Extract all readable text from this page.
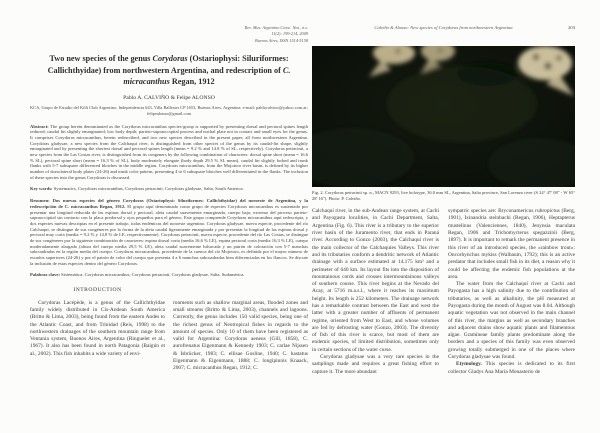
Rev. Mus. Argentino Cienc. Nat., n.s.

11(2): 199-214, 2009

Buenos Aires, ISSN 1514-5158

Two new species of the genus Corydoras (Ostariophysi: Siluriformes: Callichthyidae) from northwestern Argentina, and redescription of C. micracanthus Regan, 1912

Pablo A. CALVIÑO & Felipe ALONSO

KCA, Grupo de Estudio del Killi Club Argentino, Independencia 643, Villa Ballester CP 1653, Buenos Aires, Argentina. e-mail: pablocalvino@yahoo.com.ar; felipealonso@gmail.com

Abstract: The group herein denominated as the Corydoras micracanthus species-group is supported by presenting dorsal and pectoral spines length reduced; caudal fin slightly emarginated; low body depth; parieto-supraoccipital process and nuchal plate not in contact and small eyes for the genus. It comprises Corydoras micracanthus, herein redescribed, and two new species described in the present paper, all from northwestern Argentina. Corydoras gladysae, a new species from the Calchaquí river, is distinguished from other species of the genus by its caudal-fin shape, slightly emarginated and by presenting the shortest dorsal and pectoral spines length (mean = 9.2 % and 14.8 % of SL, respectively). Corydoras petracinii, a new species from the Las Costas river, is distinguished from its congeners by the following combination of characters: dorsal spine short (mean = 16.6 % SL), pectoral spine short (mean = 16.3 % of SL), body moderately elongate (body depth 29.5 % SL mean), caudal fin slightly forked and trunk flanks with 5-7 subsquare differenced blotches in the middle region. Corydoras micracanthus, from the Mojotoro river basin, is defined by its higher number of dorsolateral body plates (24-26) and trunk color pattern, presenting 4 to 6 subsquare blotches well differentiated in the flanks. The inclusion of these species into the genus Corydoras is discussed.

Key words: Systematics, Corydoras micracanthus, Corydoras petracinii, Corydoras gladysae, Salta, South America.

Resumen: Dos nuevas especies del género Corydoras (Ostariophysi: Siluriformes: Callichthyidae) del noroeste de Argentina, y la redescripción de C. micracanthus Regan, 1912. El grupo aquí denominado como grupo de especies Corydoras micracanthus es sustentado por presentar una longitud reducida de las espinas dorsal y pectoral, aleta caudal suavemente emarginada, cuerpo bajo, extremo del proceso parieto-supraoccipital sin contacto con la placa predorsal y ojos pequeños para el género. Este grupo comprende Corydoras micracanthus aquí redescripta, y dos especies nuevas descriptas en el presente trabajo, todas endémicas del noroeste argentino. Corydoras gladysae, nueva especie, procedente del río Calchaquí, se distingue de sus congéneres por la forma de la aleta caudal ligeramente emarginada y por presentar la longitud de las espinas dorsal y pectoral muy corta (media = 9,2 % y 14,8 % de LE, respectivamente). Corydoras petracinii, nueva especie, procedente del río Las Costas, se distingue de sus congéneres por la siguiente combinación de caracteres: espina dorsal corta (media 16,6 % LE), espina pectoral corta (media 16,3 % LE), cuerpo moderadamente alargado (altura del cuerpo media 29,5 % LE), aleta caudal suavemente bifurcada y un patrón de coloración con 5-7 manchas subcuadradas en la región media del cuerpo. Corydoras micracanthus, procedente de la cuenca del río Mojotoro, es definida por el mayor número de escudos superiores (24-26) y por el patrón de color del cuerpo que presenta 4 a 6 manchas subcuadradas bien diferenciadas en los flancos. Se discute la inclusión de estas especies dentro del género Corydoras.

Palabras clave: Sistemática, Corydoras micracanthus, Corydoras petracinii, Corydoras gladysae, Salta, Sudamérica.

INTRODUCTION

Corydoras Lacépède, is a genus of the Callichthyidae family widely distributed in Cis-Andean South America (Britto & Lima, 2003), being found from the eastern Andes to the Atlantic Coast, and from Trinidad (Reis, 1998) to the northwestern drainages of the southern mountain range from Ventania system, Buenos Aires, Argentina (Ringuelet et al., 1967). It also has been found in north Patagonia (Baigún et al., 2002). This fish inhabits a wide variety of envi-

ronments such as shallow marginal areas, flooded zones and small streams (Britto & Lima, 2003), channels and lagoons. Currently, the genus includes 150 valid species, being one of the richest genus of Neotropical fishes in regards to the amount of species. Only 10 of them have been registered as valid for Argentina: Corydoras aeneus (Gill, 1858), C. aurofrenatus Eigenmann & Kennedy 1903; C. carlae Nijssen & Isbrücker, 1983; C. ellisae Gosline, 1940; C. hastatus Eigenmann & Eigenmann, 1888; C. longipinnis Knaack, 2007; C. micracanthus Regan, 1912; C.

Calviño & Alonso: New species of Corydoras from northwestern Argentina	203

Fig. 2. Corydoras petracinii sp. n., MACN 9293, live holotype, 36.0 mm SL, Argentina, Salta province, San Lorenzo river (S 24° 47' 08" - W 65° 28' 16"). Photo: P. Calviño.

Calchaquí river, in the sub-Andean range system, at Cachi and Payogasta localities, in Cachi Department, Salta, Argentina (Fig. 6). This river is a tributary to the superior river basin of the Juramento river, that ends in Paraná river. According to Gonzo (2003), the Calchaquí river is the main collector of the Calchaquíes Valleys. This river and its tributaries conform a dendritic network of Atlantic drainage with a surface estimated at 14.175 km² and a perimeter of 640 km. Its layout fits into the disposition of mountainous cords and crosses intermountainous valleys of southern course. This river begins at the Nevado del Acay, at 5716 m.a.s.l., where it reaches its maximum height. Its length is 252 kilometers. The drainage network has a remarkable contrast between the East and west the latter with a greater number of affluents of permanent regime, oriented from West to East, and whose volumes are fed by defrosting water (Gonzo, 2003). The diversity of fish of this river is scarce, but most of them are endemic species, of limited distribution, sometimes only in certain sections of the water curse.

Corydoras gladysae was a very rare species in the samplings made and requires a great fishing effort to capture it. The more abundant

sympatric species are: Bryconamericus rubropictus (Berg, 1901), Ixinandria steinbachi (Regan, 1906), Heptapterus mustelinus (Valenciennes, 1840), Jenynsia maculata Regan, 1906 and Trichomycterus spegazzinii (Berg, 1897). It is important to remark the permanent presence in this river of an introduced species, the «rainbow trout»: Oncorhynchus mykiss (Walbaum, 1792); this is an active predator that includes small fish in its diet, a reason why it could be affecting the endemic fish populations at the area.

The water from the Calchaquí river at Cachi and Payogasta has a high salinity due to the contribution of tributaries, as well as alkalinity, the pH measured at Payogasta during the month of August was 8.04. Although aquatic vegetation was not observed in the main channel of this river, the margins as well as secondary branches and adjacent drains show aquatic plants and filamentous algae. Gramineae family plants predominate along the borders and a species of this family was even observed growing totally submerged in one of the places where Corydoras gladysae was found.

Etymology. This species is dedicated to its first collector Gladys Ana María Monasterio de
